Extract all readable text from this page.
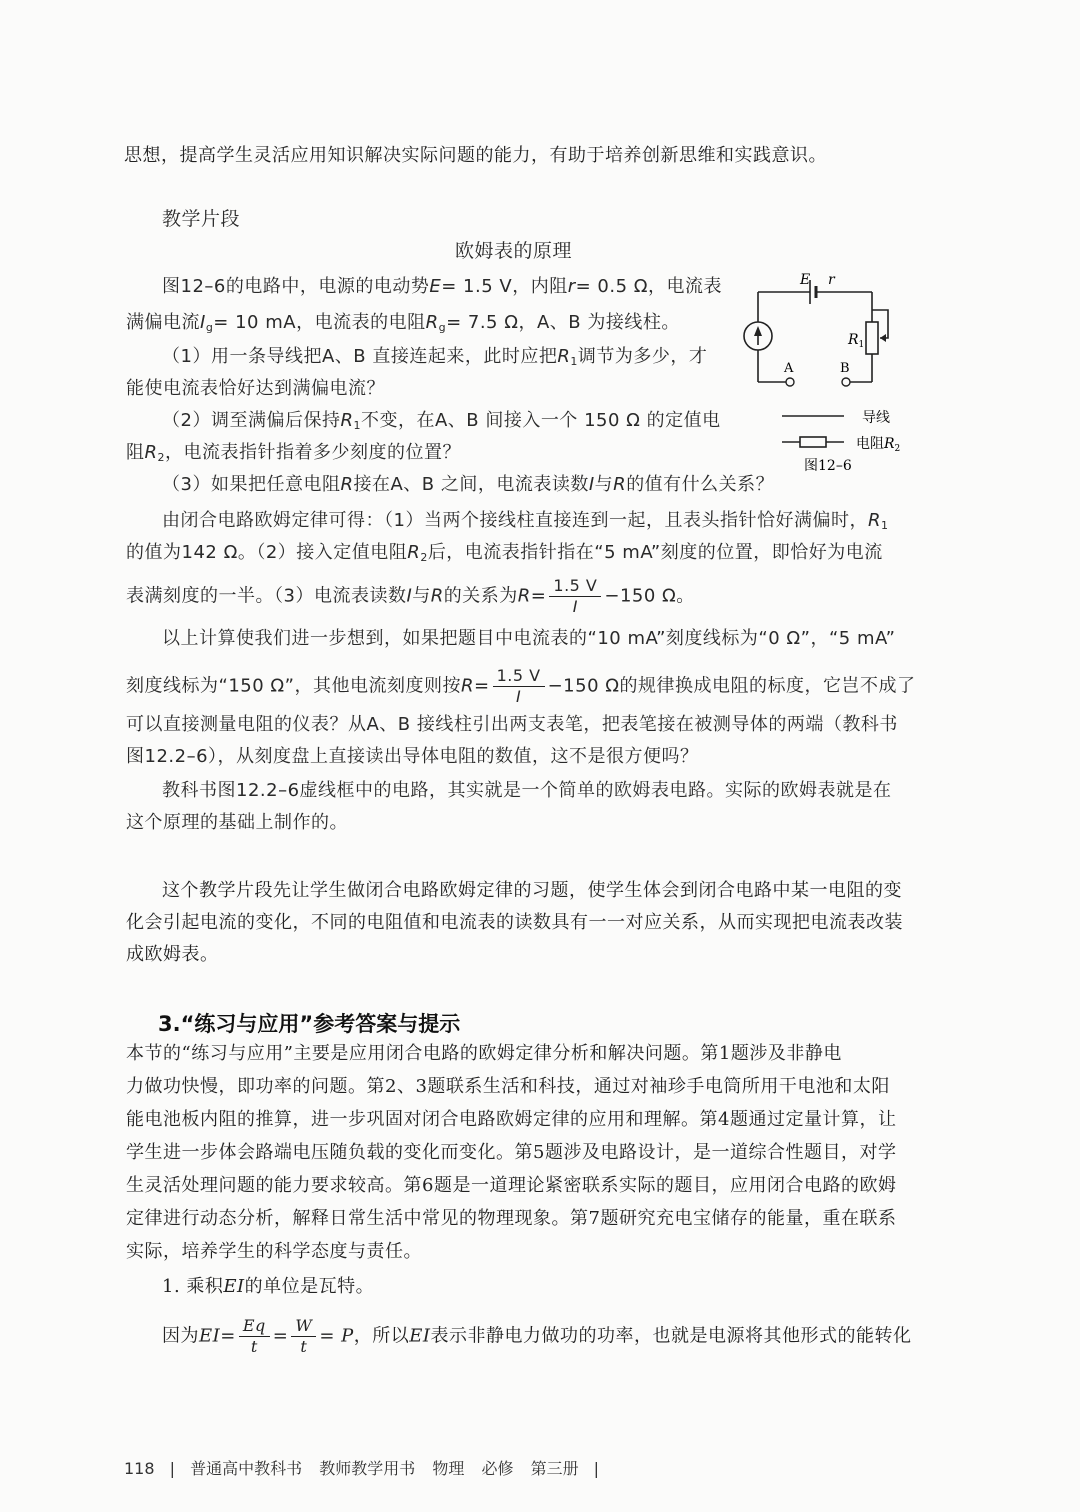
思想，提高学生灵活应用知识解决实际问题的能力，有助于培养创新思维和实践意识。
教学片段
欧姆表的原理
图12–6的电路中，电源的电动势E= 1.5 V，内阻r= 0.5 Ω，电流表
满偏电流$I_g= 10$ mA，电流表的电阻$R_g= 7.5$ Ω，A、B 为接线柱。
（1）用一条导线把A、B 直接连起来，此时应把$R_1$调节为多少，才
能使电流表恰好达到满偏电流？
（2）调至满偏后保持$R_1$不变，在A、B 间接入一个 150 Ω 的定值电
阻$R_2$，电流表指针指着多少刻度的位置？
（3）如果把任意电阻R接在A、B 之间，电流表读数I与R的值有什么关系？
由闭合电路欧姆定律可得：（1）当两个接线柱直接连到一起，且表头指针恰好满偏时，$R_1$
的值为142 Ω。（2）接入定值电阻$R_2$后，电流表指针指在“5 mA”刻度的位置，即恰好为电流
表满刻度的一半。（3）电流表读数I与R的关系为$R= \frac{1.5 V}{I} -150$ Ω。
以上计算使我们进一步想到，如果把题目中电流表的“10 mA”刻度线标为“0 Ω”，“5 mA”
刻度线标为“150 Ω”，其他电流刻度则按$R= \frac{1.5 V}{I} -150$ Ω的规律换成电阻的标度，它岂不成了
可以直接测量电阻的仪表？从A、B 接线柱引出两支表笔，把表笔接在被测导体的两端（教科书
图12.2–6），从刻度盘上直接读出导体电阻的数值，这不是很方便吗？
教科书图12.2–6虚线框中的电路，其实就是一个简单的欧姆表电路。实际的欧姆表就是在
这个原理的基础上制作的。
这个教学片段先让学生做闭合电路欧姆定律的习题，使学生体会到闭合电路中某一电阻的变
化会引起电流的变化，不同的电阻值和电流表的读数具有一一对应关系，从而实现把电流表改装
成欧姆表。
3.“练习与应用”参考答案与提示
本节的“练习与应用”主要是应用闭合电路的欧姆定律分析和解决问题。第1题涉及非静电
力做功快慢，即功率的问题。第2、3题联系生活和科技，通过对袖珍手电筒所用干电池和太阳
能电池板内阻的推算，进一步巩固对闭合电路欧姆定律的应用和理解。第4题通过定量计算，让
学生进一步体会路端电压随负载的变化而变化。第5题涉及电路设计，是一道综合性题目，对学
生灵活处理问题的能力要求较高。第6题是一道理论紧密联系实际的题目，应用闭合电路的欧姆
定律进行动态分析，解释日常生活中常见的物理现象。第7题研究充电宝储存的能量，重在联系
实际，培养学生的科学态度与责任。
1. 乘积EI的单位是瓦特。
因为$EI= \frac{Eq}{t} = \frac{W}{t} = P$，所以EI表示非静电力做功的功率，也就是电源将其他形式的能转化
E r
$R_1$
A	B
导线
电阻$R_2$
图12–6
118 | 普通高中教科书 教师教学用书 物理 必修 第三册 |
